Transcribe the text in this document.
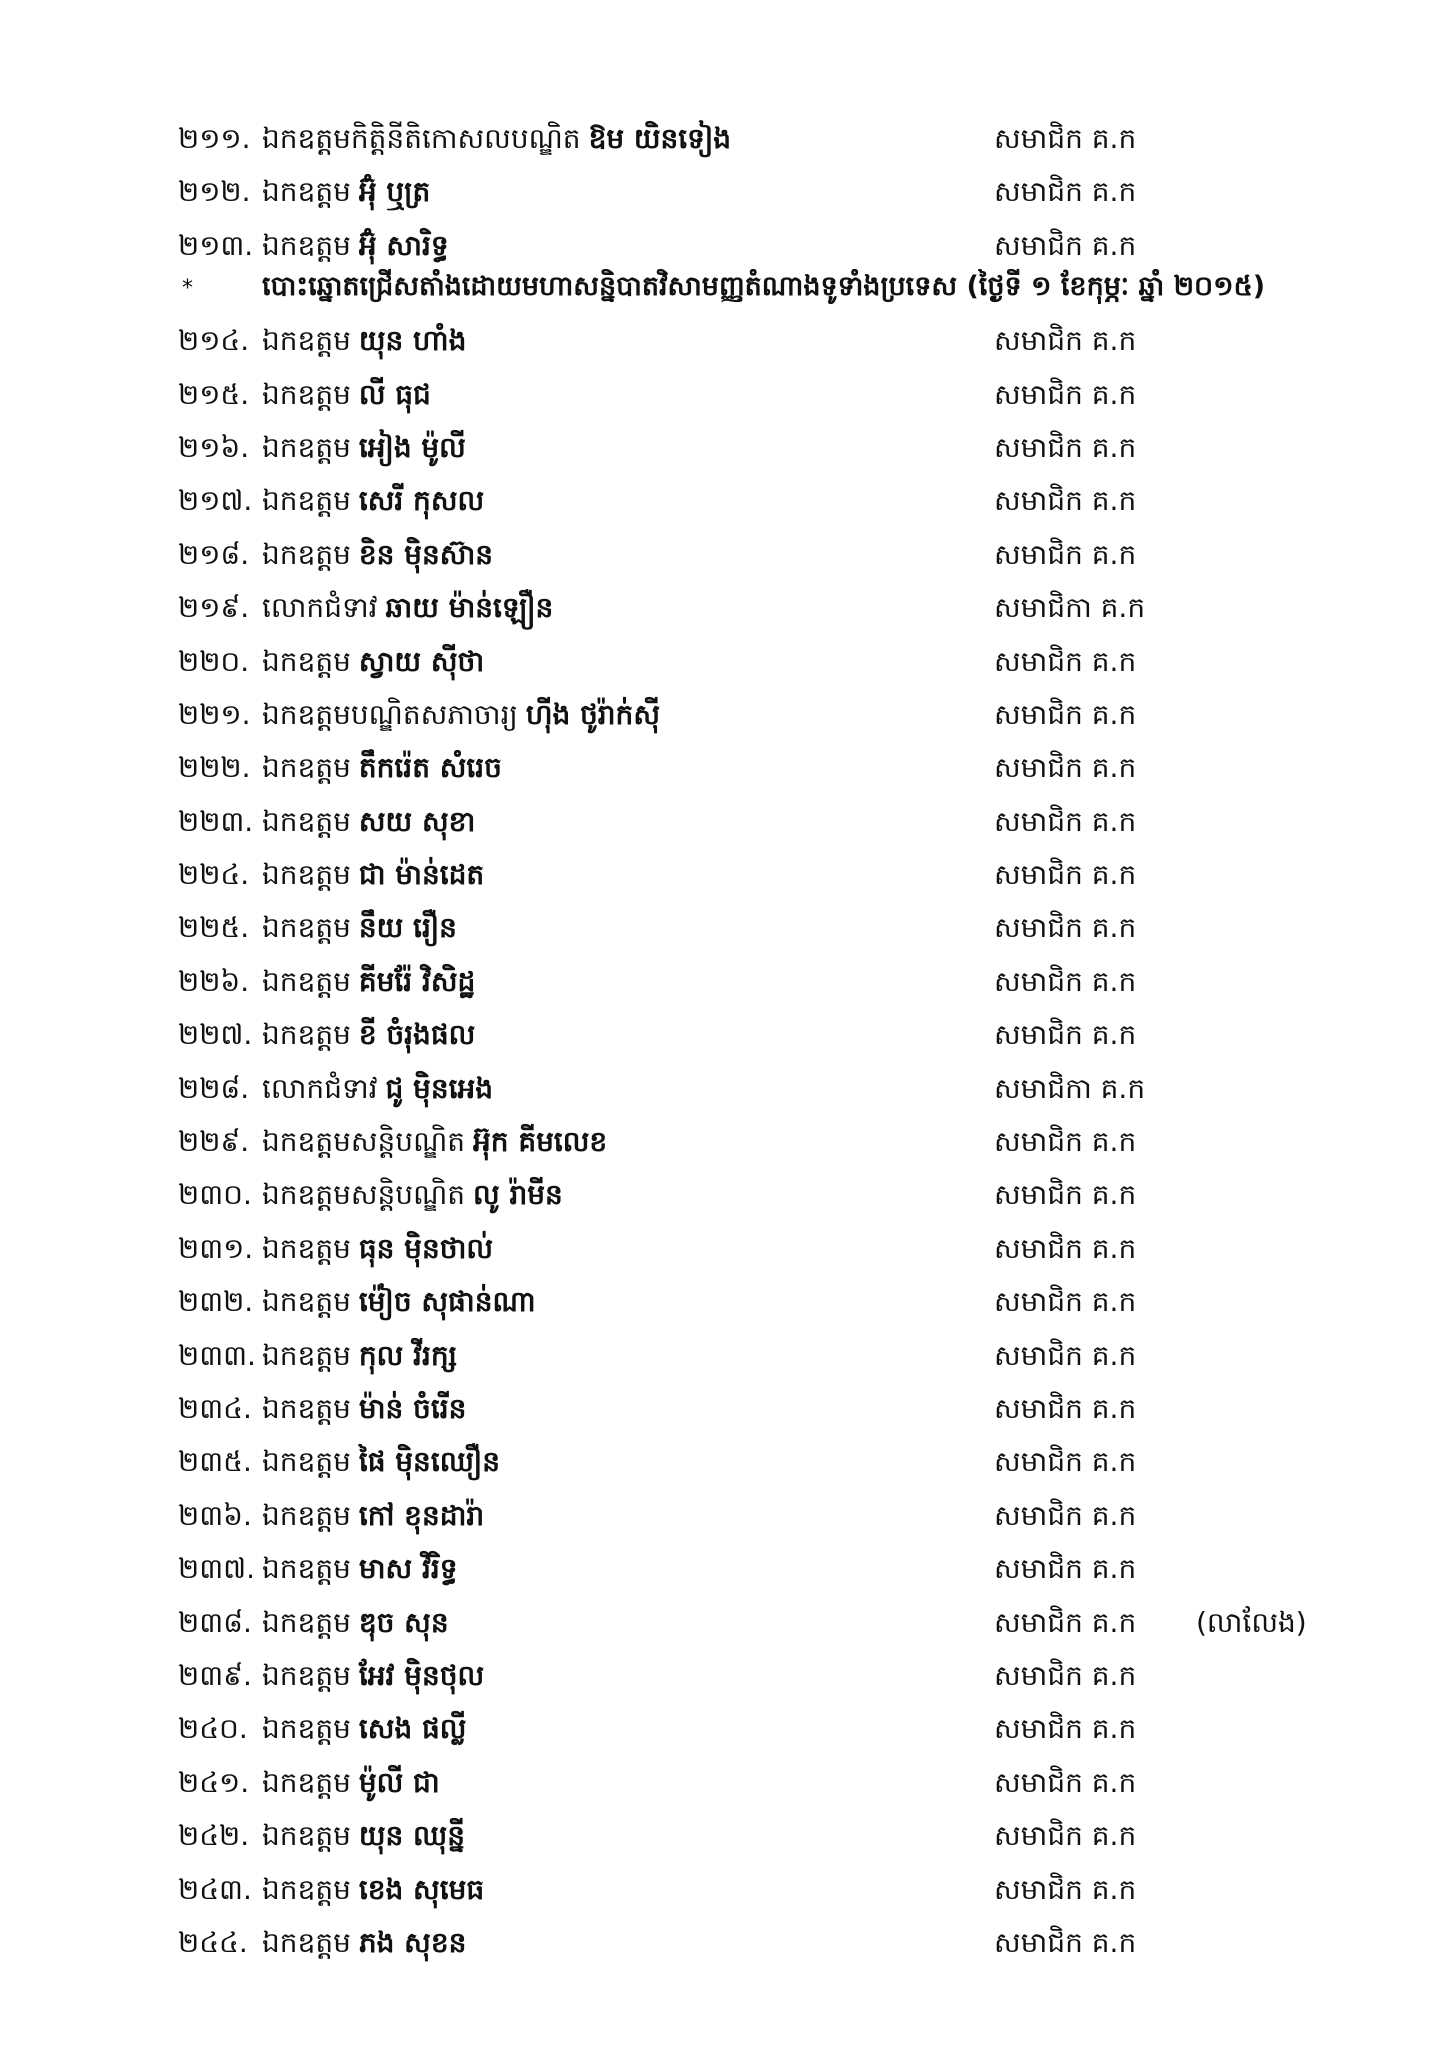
២១១. ឯកឧត្តមកិត្តិនីតិកោសលបណ្ឌិត ឱម យិនទៀង	សមាជិក គ.ក
២១២. ឯកឧត្តម អ៊ុំ ឬត្រ	សមាជិក គ.ក
២១៣. ឯកឧត្តម អ៊ុំ សារិទ្ធ	សមាជិក គ.ក
*	បោះឆ្នោតជ្រើសតាំងដោយមហាសន្និបាតវិសាមញ្ញតំណាងទូទាំងប្រទេស (ថ្ងៃទី ១ ខែកុម្ភៈ ឆ្នាំ ២០១៥)
២១៤. ឯកឧត្តម យុន ហាំង	សមាជិក គ.ក
២១៥. ឯកឧត្តម លី ធុជ	សមាជិក គ.ក
២១៦. ឯកឧត្តម អៀង ម៉ូលី	សមាជិក គ.ក
២១៧. ឯកឧត្តម សេរី កុសល	សមាជិក គ.ក
២១៨. ឯកឧត្តម ខិន ម៉ិនស៊ាន	សមាជិក គ.ក
២១៩. លោកជំទាវ ឆាយ ម៉ាន់ឡឿន	សមាជិកា គ.ក
២២០. ឯកឧត្តម ស្វាយ ស៊ីថា	សមាជិក គ.ក
២២១. ឯកឧត្តមបណ្ឌិតសភាចារ្យ ហ៊ីង ថូរ៉ាក់ស៊ី	សមាជិក គ.ក
២២២. ឯកឧត្តម តឹករ៉េត សំរេច	សមាជិក គ.ក
២២៣. ឯកឧត្តម សយ សុខា	សមាជិក គ.ក
២២៤. ឯកឧត្តម ជា ម៉ាន់ដេត	សមាជិក គ.ក
២២៥. ឯកឧត្តម នឹយ រឿន	សមាជិក គ.ក
២២៦. ឯកឧត្តម គីមរ៉ែ វិសិដ្ឋ	សមាជិក គ.ក
២២៧. ឯកឧត្តម ខី ចំរុងផល	សមាជិក គ.ក
២២៨. លោកជំទាវ ជូ ម៉ិនអេង	សមាជិកា គ.ក
២២៩. ឯកឧត្តមសន្តិបណ្ឌិត អ៊ុក គីមលេខ	សមាជិក គ.ក
២៣០. ឯកឧត្តមសន្តិបណ្ឌិត លូ រ៉ាមីន	សមាជិក គ.ក
២៣១. ឯកឧត្តម ធុន ម៉ិនថាល់	សមាជិក គ.ក
២៣២. ឯកឧត្តម ម៉ៀច សុផាន់ណា	សមាជិក គ.ក
២៣៣. ឯកឧត្តម កុល វីរក្ស	សមាជិក គ.ក
២៣៤. ឯកឧត្តម ម៉ាន់ ចំរើន	សមាជិក គ.ក
២៣៥. ឯកឧត្តម ផៃ ម៉ិនឈឿន	សមាជិក គ.ក
២៣៦. ឯកឧត្តម កៅ ខុនដារ៉ា	សមាជិក គ.ក
២៣៧. ឯកឧត្តម មាស វិរិទ្ធ	សមាជិក គ.ក
២៣៨. ឯកឧត្តម ឌុច សុន	សមាជិក គ.ក (លាលែង)
២៣៩. ឯកឧត្តម អែវ ម៉ិនថុល	សមាជិក គ.ក
២៤០. ឯកឧត្តម សេង ផល្លី	សមាជិក គ.ក
២៤១. ឯកឧត្តម ម៉ូលី ជា	សមាជិក គ.ក
២៤២. ឯកឧត្តម យុន ឈុន្នី	សមាជិក គ.ក
២៤៣. ឯកឧត្តម ខេង សុមេធ	សមាជិក គ.ក
២៤៤. ឯកឧត្តម ភង សុខន	សមាជិក គ.ក
